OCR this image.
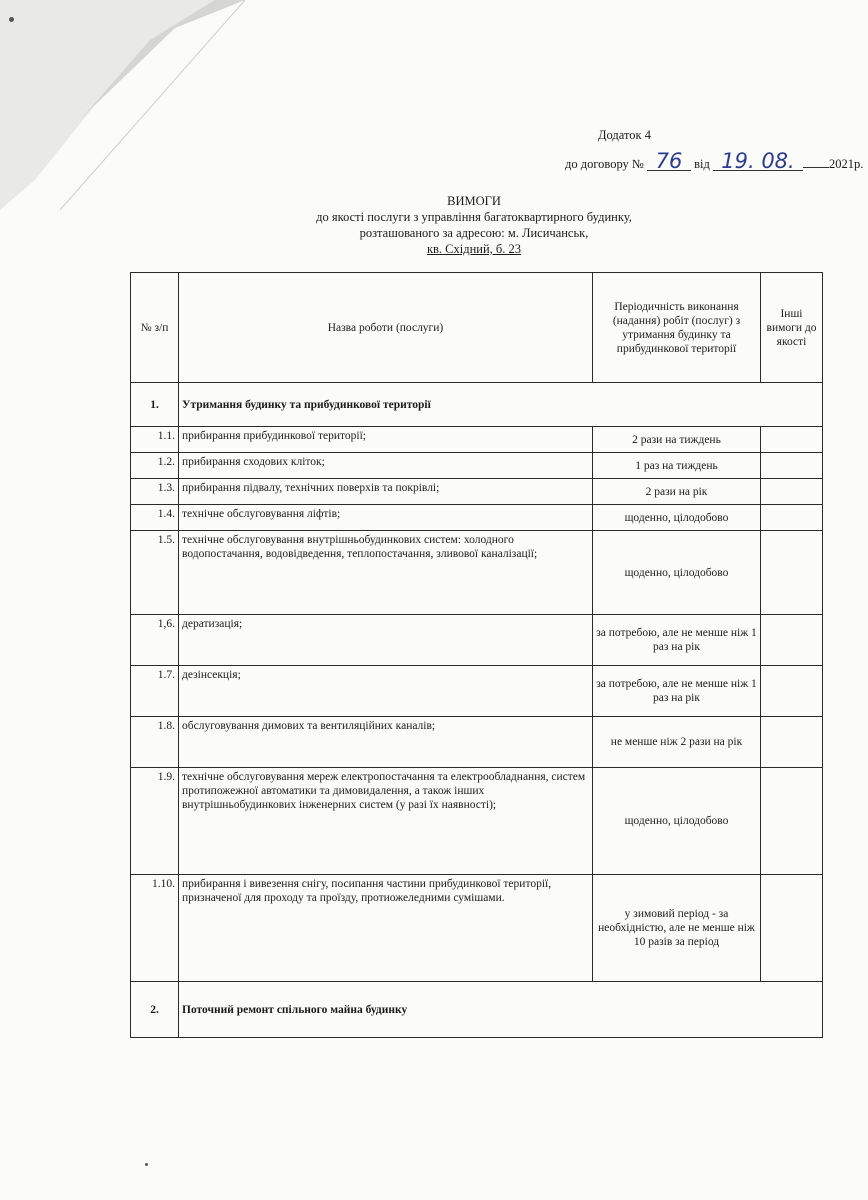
Додаток 4
до договору № 76 від 19. 08.	2021р.
ВИМОГИ
до якості послуги з управління багатоквартирного будинку,
розташованого за адресою: м. Лисичанськ,
кв. Східний, б. 23
№ з/п	Назва роботи (послуги)	Періодичність виконання (надання) робіт (послуг) з утримання будинку та прибудинкової території	Інші вимоги до якості
1.	Утримання будинку та прибудинкової території		
1.1.	прибирання прибудинкової території;	2 рази на тиждень	
1.2.	прибирання сходових кліток;	1 раз на тиждень	
1.3.	прибирання підвалу, технічних поверхів та покрівлі;	2 рази на рік	
1.4.	технічне обслуговування ліфтів;	щоденно, цілодобово	
1.5.	технічне обслуговування внутрішньобудинкових систем: холодного водопостачання, водовідведення, теплопостачання, зливової каналізації;	щоденно, цілодобово	
1,6.	дератизація;	за потребою, але не менше ніж 1 раз на рік	
1.7.	дезінсекція;	за потребою, але не менше ніж 1 раз на рік	
1.8.	обслуговування димових та вентиляційних каналів;	не менше ніж 2 рази на рік	
1.9.	технічне обслуговування мереж електропостачання та електрообладнання, систем протипожежної автоматики та димовидалення, а також інших внутрішньобудинкових інженерних систем (у разі їх наявності);	щоденно, цілодобово	
1.10.	прибирання і вивезення снігу, посипання частини прибудинкової території, призначеної для проходу та проїзду, протиожеледними сумішами.	у зимовий період - за необхідністю, але не менше ніж 10 разів за період	
2.	Поточний ремонт спільного майна будинку		
